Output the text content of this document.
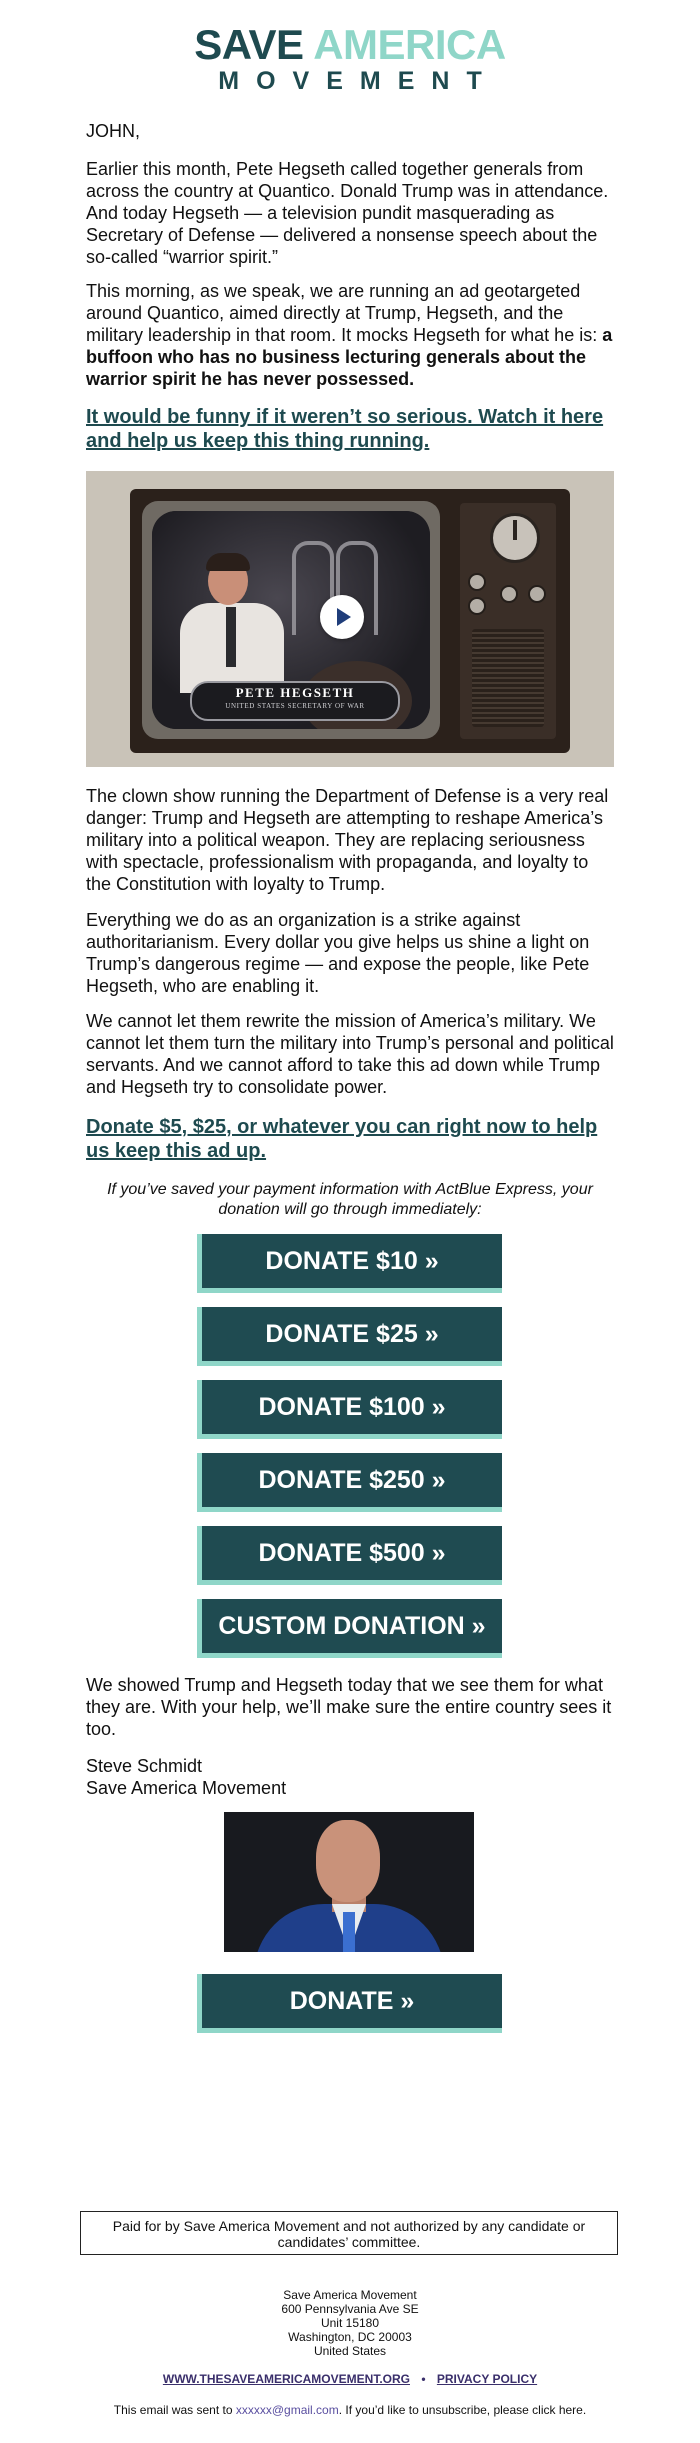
SAVE AMERICA
MOVEMENT

JOHN,

Earlier this month, Pete Hegseth called together generals from across the country at Quantico. Donald Trump was in attendance. And today Hegseth — a television pundit masquerading as Secretary of Defense — delivered a nonsense speech about the so-called “warrior spirit.”

This morning, as we speak, we are running an ad geotargeted around Quantico, aimed directly at Trump, Hegseth, and the military leadership in that room. It mocks Hegseth for what he is: a buffoon who has no business lecturing generals about the warrior spirit he has never possessed.

It would be funny if it weren’t so serious. Watch it here and help us keep this thing running.

PETE HEGSETH
UNITED STATES SECRETARY OF WAR

The clown show running the Department of Defense is a very real danger: Trump and Hegseth are attempting to reshape America’s military into a political weapon. They are replacing seriousness with spectacle, professionalism with propaganda, and loyalty to the Constitution with loyalty to Trump.

Everything we do as an organization is a strike against authoritarianism. Every dollar you give helps us shine a light on Trump’s dangerous regime — and expose the people, like Pete Hegseth, who are enabling it.

We cannot let them rewrite the mission of America’s military. We cannot let them turn the military into Trump’s personal and political servants. And we cannot afford to take this ad down while Trump and Hegseth try to consolidate power.

Donate $5, $25, or whatever you can right now to help us keep this ad up.

If you’ve saved your payment information with ActBlue Express, your donation will go through immediately:
DONATE $10 »
DONATE $25 »
DONATE $100 »
DONATE $250 »
DONATE $500 »
CUSTOM DONATION »

We showed Trump and Hegseth today that we see them for what they are. With your help, we’ll make sure the entire country sees it too.

Steve Schmidt

Save America Movement

DONATE »
Paid for by Save America Movement and not authorized by any candidate or candidates’ committee.
Save America Movement
600 Pennsylvania Ave SE
Unit 15180
Washington, DC 20003
United States
WWW.THESAVEAMERICAMOVEMENT.ORG • PRIVACY POLICY
This email was sent to xxxxxx@gmail.com. If you’d like to unsubscribe, please click here.
